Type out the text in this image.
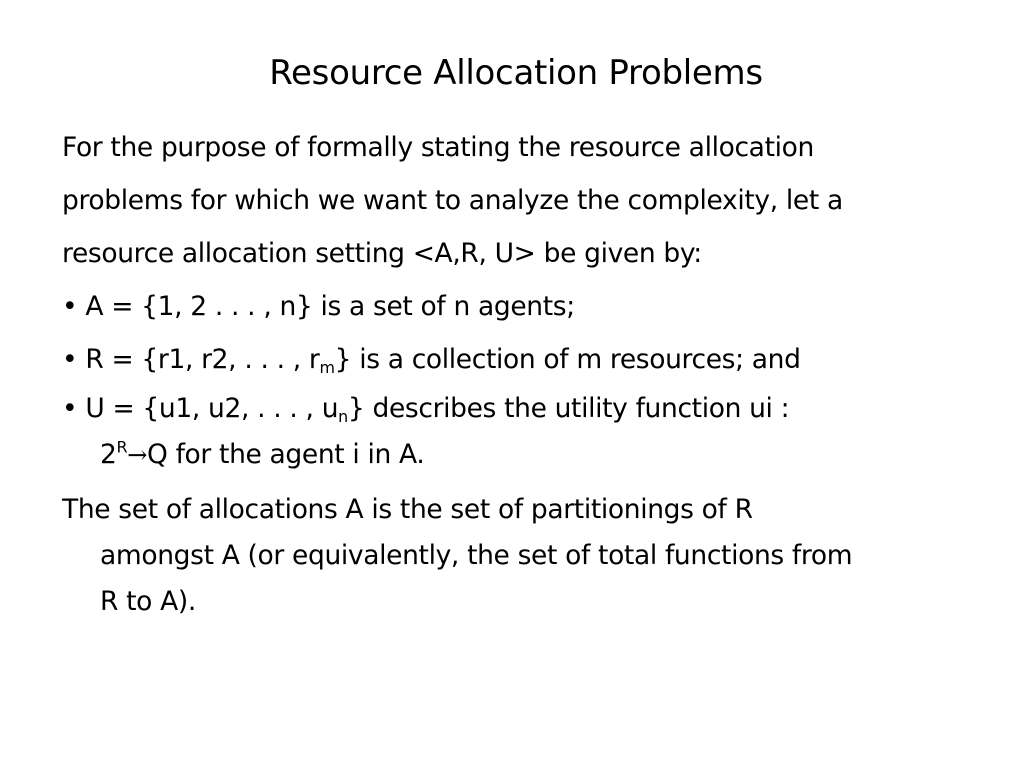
Resource Allocation Problems
For the purpose of formally stating the resource allocation
problems for which we want to analyze the complexity, let a
resource allocation setting <A,R, U> be given by:
• A = {1, 2 . . . , n} is a set of n agents;
• R = {r1, r2, . . . , $r_m$} is a collection of m resources; and
• U = {u1, u2, . . . , $u_n$} describes the utility function ui :
$2^R\to Q$ for the agent i in A.
The set of allocations A is the set of partitionings of R
amongst A (or equivalently, the set of total functions from
R to A).
